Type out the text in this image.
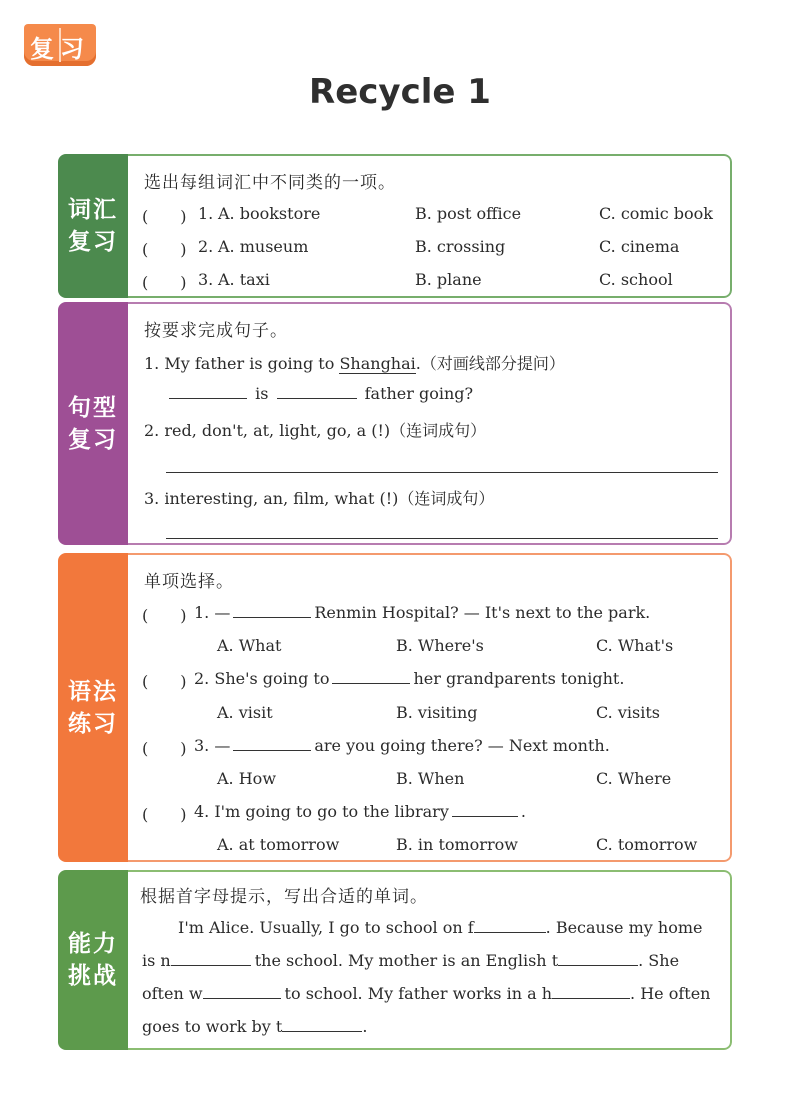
复习
Recycle 1
词汇
复习
选出每组词汇中不同类的一项。
(　　) 1. A. bookstore	B. post office	C. comic book
(　　) 2. A. museum	B. crossing	C. cinema
(　　) 3. A. taxi	B. plane	C. school
句型
复习
按要求完成句子。
1. My father is going to Shanghai.（对画线部分提问）
is	father going?
2. red, don't, at, light, go, a (!)（连词成句）
3. interesting, an, film, what (!)（连词成句）
语法
练习
单项选择。
(　　) 1. —	Renmin Hospital? — It's next to the park.
A. What	B. Where's	C. What's
(　　) 2. She's going to	her grandparents tonight.
A. visit	B. visiting	C. visits
(　　) 3. —	are you going there? — Next month.
A. How	B. When	C. Where
(　　) 4. I'm going to go to the library	.
A. at tomorrow	B. in tomorrow	C. tomorrow
能力
挑战
根据首字母提示，写出合适的单词。
I'm Alice. Usually, I go to school on f	. Because my home
is n	the school. My mother is an English t	. She
often w	to school. My father works in a h	. He often
goes to work by t	.
